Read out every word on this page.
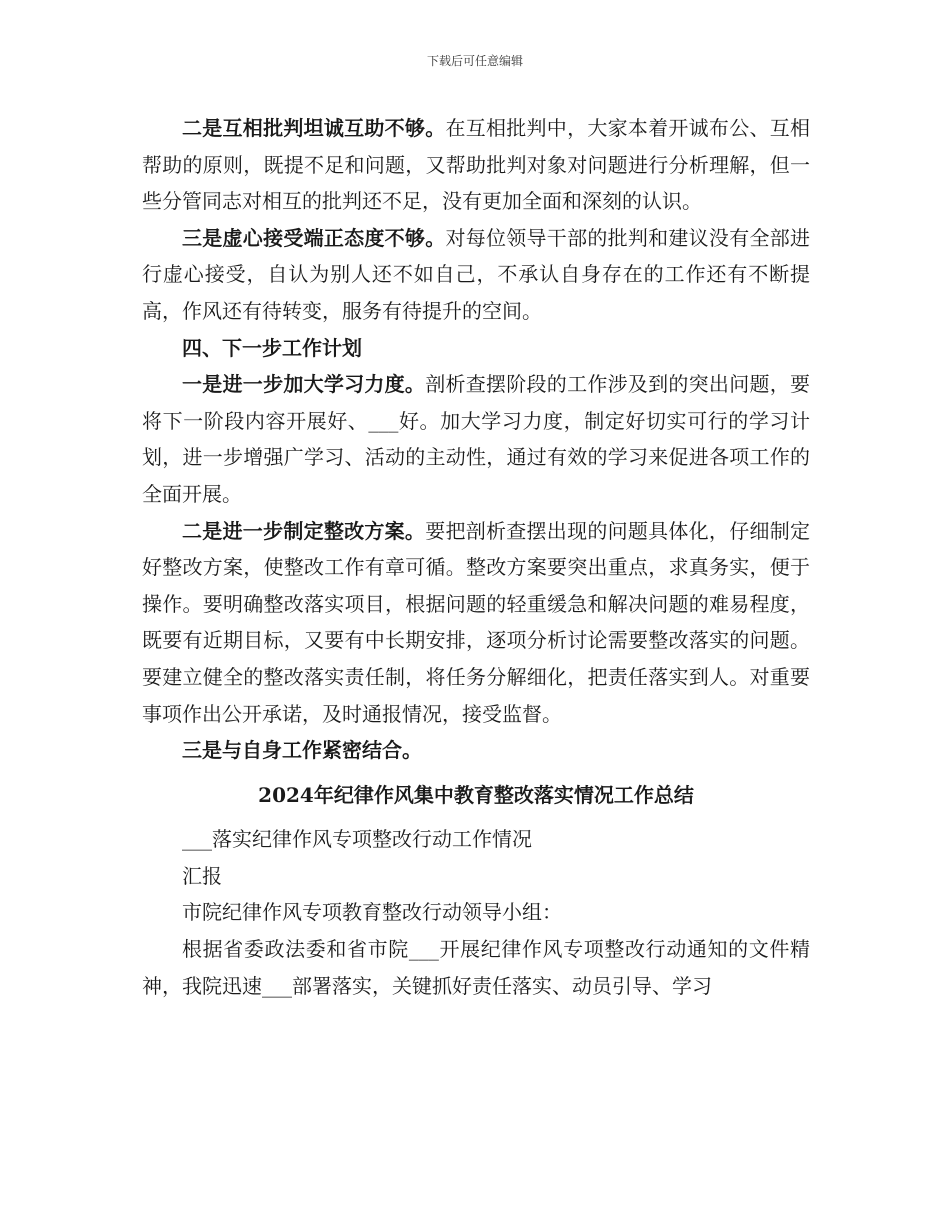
下载后可任意编辑

二是互相批判坦诚互助不够。在互相批判中，大家本着开诚布公、互相帮助的原则，既提不足和问题，又帮助批判对象对问题进行分析理解，但一些分管同志对相互的批判还不足，没有更加全面和深刻的认识。

三是虚心接受端正态度不够。对每位领导干部的批判和建议没有全部进行虚心接受，自认为别人还不如自己，不承认自身存在的工作还有不断提高，作风还有待转变，服务有待提升的空间。

四、下一步工作计划

一是进一步加大学习力度。剖析查摆阶段的工作涉及到的突出问题，要将下一阶段内容开展好、___好。加大学习力度，制定好切实可行的学习计划，进一步增强广学习、活动的主动性，通过有效的学习来促进各项工作的全面开展。

二是进一步制定整改方案。要把剖析查摆出现的问题具体化，仔细制定好整改方案，使整改工作有章可循。整改方案要突出重点，求真务实，便于操作。要明确整改落实项目，根据问题的轻重缓急和解决问题的难易程度，既要有近期目标，又要有中长期安排，逐项分析讨论需要整改落实的问题。要建立健全的整改落实责任制，将任务分解细化，把责任落实到人。对重要事项作出公开承诺，及时通报情况，接受监督。

三是与自身工作紧密结合。

2024年纪律作风集中教育整改落实情况工作总结

___落实纪律作风专项整改行动工作情况

汇报

市院纪律作风专项教育整改行动领导小组：

根据省委政法委和省市院___开展纪律作风专项整改行动通知的文件精神，我院迅速___部署落实，关键抓好责任落实、动员引导、学习
